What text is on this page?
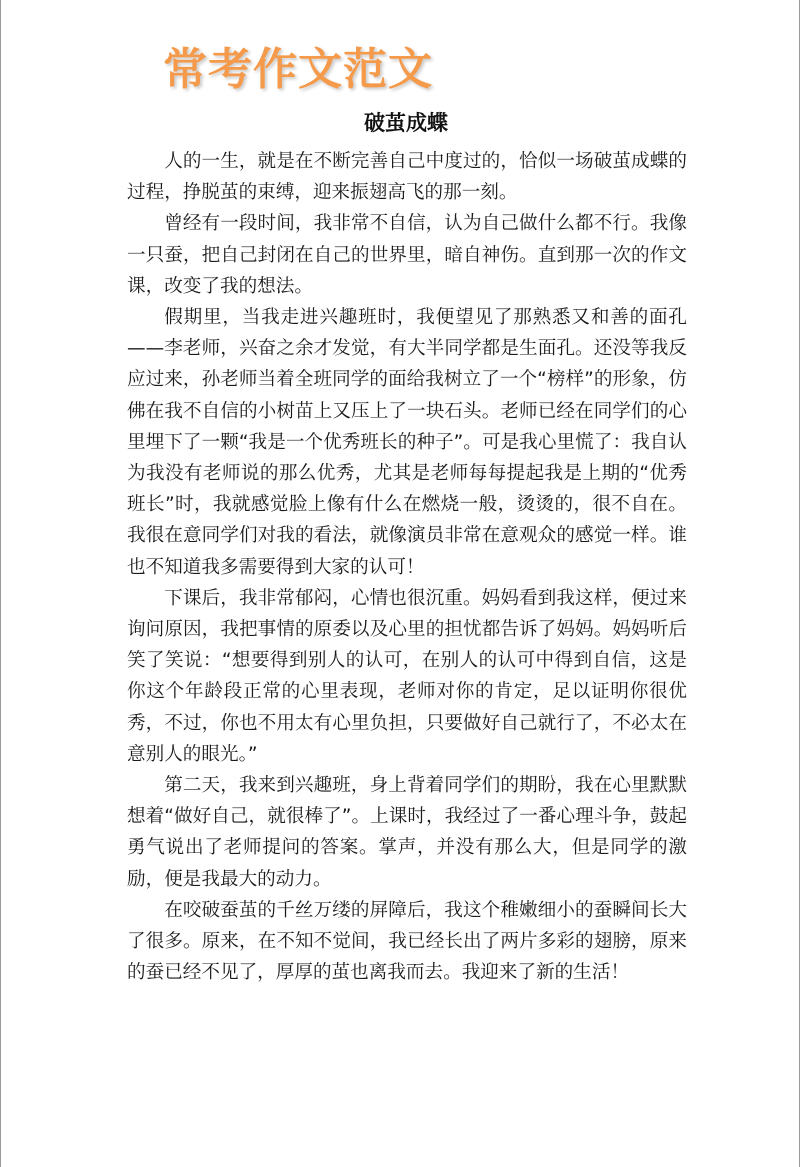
常考作文范文
破茧成蝶

人的一生，就是在不断完善自己中度过的，恰似一场破茧成蝶的过程，挣脱茧的束缚，迎来振翅高飞的那一刻。

曾经有一段时间，我非常不自信，认为自己做什么都不行。我像一只蚕，把自己封闭在自己的世界里，暗自神伤。直到那一次的作文课，改变了我的想法。

假期里，当我走进兴趣班时，我便望见了那熟悉又和善的面孔——李老师，兴奋之余才发觉，有大半同学都是生面孔。还没等我反应过来，孙老师当着全班同学的面给我树立了一个“榜样”的形象，仿佛在我不自信的小树苗上又压上了一块石头。老师已经在同学们的心里埋下了一颗“我是一个优秀班长的种子”。可是我心里慌了：我自认为我没有老师说的那么优秀，尤其是老师每每提起我是上期的“优秀班长”时，我就感觉脸上像有什么在燃烧一般，烫烫的，很不自在。我很在意同学们对我的看法，就像演员非常在意观众的感觉一样。谁也不知道我多需要得到大家的认可！

下课后，我非常郁闷，心情也很沉重。妈妈看到我这样，便过来询问原因，我把事情的原委以及心里的担忧都告诉了妈妈。妈妈听后笑了笑说：“想要得到别人的认可，在别人的认可中得到自信，这是你这个年龄段正常的心里表现，老师对你的肯定，足以证明你很优秀，不过，你也不用太有心里负担，只要做好自己就行了，不必太在意别人的眼光。”

第二天，我来到兴趣班，身上背着同学们的期盼，我在心里默默想着“做好自己，就很棒了”。上课时，我经过了一番心理斗争，鼓起勇气说出了老师提问的答案。掌声，并没有那么大，但是同学的激励，便是我最大的动力。

在咬破蚕茧的千丝万缕的屏障后，我这个稚嫩细小的蚕瞬间长大了很多。原来，在不知不觉间，我已经长出了两片多彩的翅膀，原来的蚕已经不见了，厚厚的茧也离我而去。我迎来了新的生活！
